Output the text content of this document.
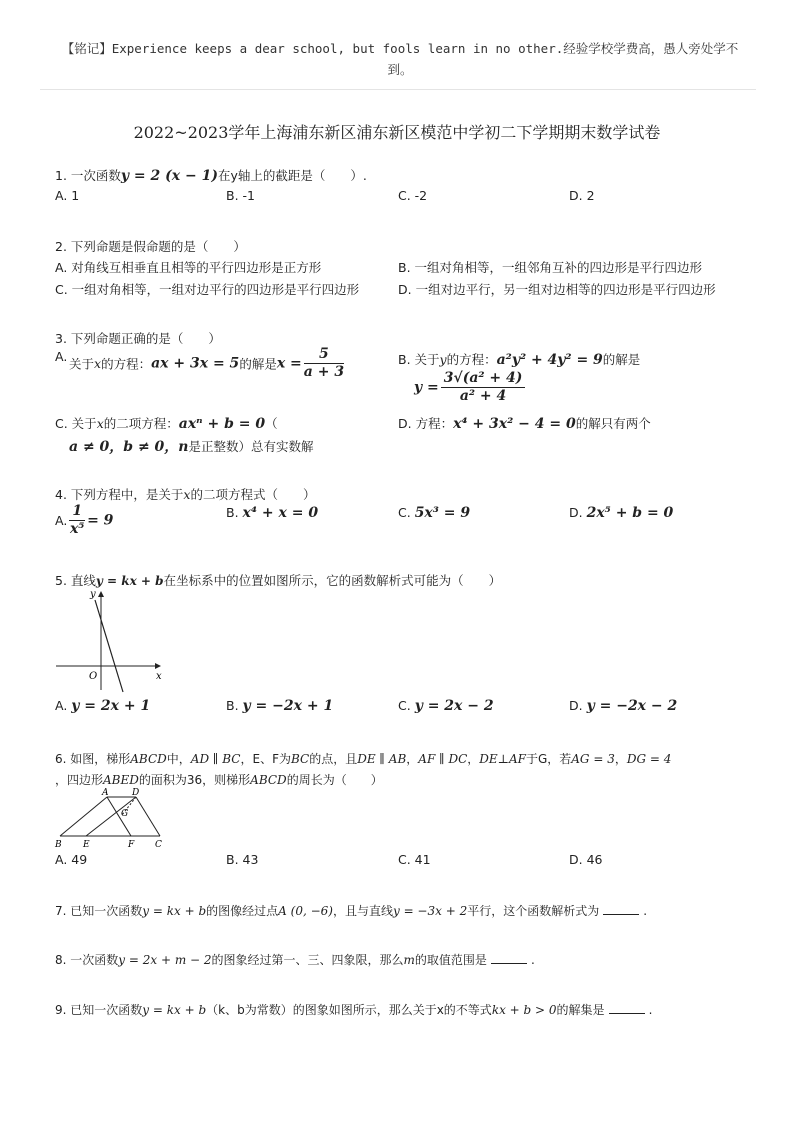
【铭记】Experience keeps a dear school, but fools learn in no other.经验学校学费高，愚人旁处学不
到。
2022~2023学年上海浦东新区浦东新区模范中学初二下学期期末数学试卷
1. 一次函数y = 2 (x − 1)在y轴上的截距是（　　）.
A. 1	B. -1	C. -2	D. 2
2. 下列命题是假命题的是（　　）
A. 对角线互相垂直且相等的平行四边形是正方形	B. 一组对角相等，一组邻角互补的四边形是平行四边形
C. 一组对角相等，一组对边平行的四边形是平行四边形	D. 一组对边平行，另一组对边相等的四边形是平行四边形
3. 下列命题正确的是（　　）
A. 关于x的方程：ax + 3x = 5的解是$x = \frac{5}{a + 3}$	B. 关于y的方程：a²y² + 4y² = 9的解是
$y = \frac{\text{3√(a² + 4)}}{\text{a² + 4}}$
C. 关于x的二项方程：axⁿ + b = 0（
a ≠ 0，b ≠ 0，n是正整数）总有实数解
D. 方程：x⁴ + 3x² − 4 = 0的解只有两个
4. 下列方程中，是关于x的二项方程式（　　）
A. $\frac{1}{\text{x⁵}} = 9$	B. x⁴ + x = 0	C. 5x³ = 9	D. 2x⁵ + b = 0
5. 直线y = kx + b在坐标系中的位置如图所示，它的函数解析式可能为（　　）
y
x
O
A. y = 2x + 1	B. y = −2x + 1	C. y = 2x − 2	D. y = −2x − 2
6. 如图，梯形ABCD中，AD ∥ BC，E、F为BC的点，且DE ∥ AB，AF ∥ DC，DE⊥AF于G，若AG = 3，DG = 4
，四边形ABED的面积为36，则梯形ABCD的周长为（　　）
A	D
G
B E	F C
A. 49	B. 43	C. 41	D. 46
7. 已知一次函数y = kx + b的图像经过点A (0, −6)，且与直线y = −3x + 2平行，这个函数解析式为	.
8. 一次函数y = 2x + m − 2的图象经过第一、三、四象限，那么m的取值范围是	.
9. 已知一次函数y = kx + b（k、b为常数）的图象如图所示，那么关于x的不等式kx + b > 0的解集是	.
